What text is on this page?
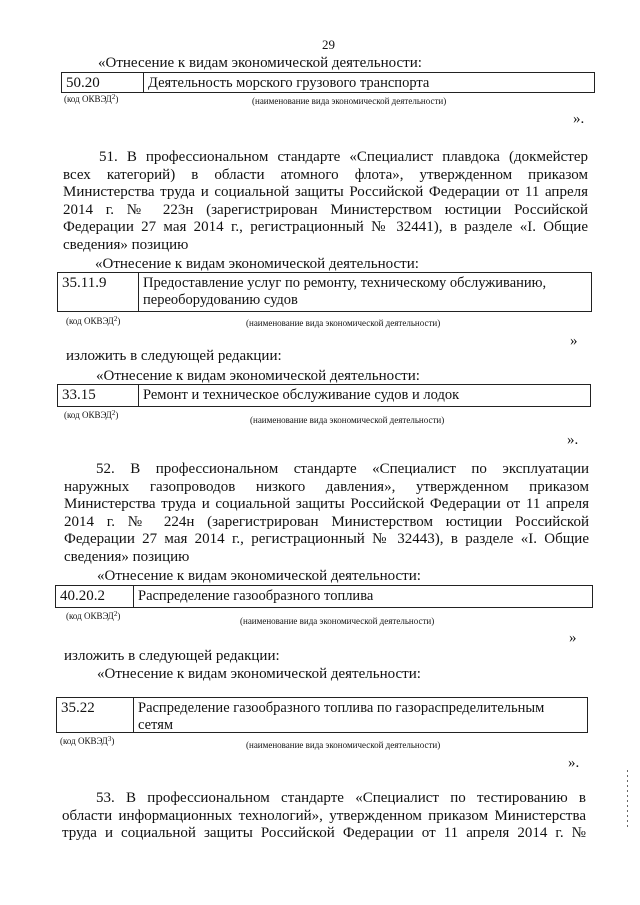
29
«Отнесение к видам экономической деятельности:
50.20	Деятельность морского грузового транспорта
(код ОКВЭД$^2$)	(наименование вида экономической деятельности)
».
51. В профессиональном стандарте «Специалист плавдока (докмейстер
всех категорий) в области атомного флота», утвержденном приказом
Министерства труда и социальной защиты Российской Федерации от 11 апреля
2014 г. № 223н (зарегистрирован Министерством юстиции Российской
Федерации 27 мая 2014 г., регистрационный № 32441), в разделе «I. Общие
сведения» позицию
«Отнесение к видам экономической деятельности:
35.11.9	Предоставление услуг по ремонту, техническому обслуживанию,
переоборудованию судов
(код ОКВЭД$^2$)	(наименование вида экономической деятельности)
»
изложить в следующей редакции:
«Отнесение к видам экономической деятельности:
33.15	Ремонт и техническое обслуживание судов и лодок
(код ОКВЭД$^2$)	(наименование вида экономической деятельности)
».
52. В профессиональном стандарте «Специалист по эксплуатации
наружных газопроводов низкого давления», утвержденном приказом
Министерства труда и социальной защиты Российской Федерации от 11 апреля
2014 г. № 224н (зарегистрирован Министерством юстиции Российской
Федерации 27 мая 2014 г., регистрационный № 32443), в разделе «I. Общие
сведения» позицию
«Отнесение к видам экономической деятельности:
40.20.2	Распределение газообразного топлива
(код ОКВЭД$^2$)	(наименование вида экономической деятельности)
»
изложить в следующей редакции:
«Отнесение к видам экономической деятельности:
35.22	Распределение газообразного топлива по газораспределительным
сетям
(код ОКВЭД$^3$)	(наименование вида экономической деятельности)
».
53. В профессиональном стандарте «Специалист по тестированию в
области информационных технологий», утвержденном приказом Министерства
труда и социальной защиты Российской Федерации от 11 апреля 2014 г. №
